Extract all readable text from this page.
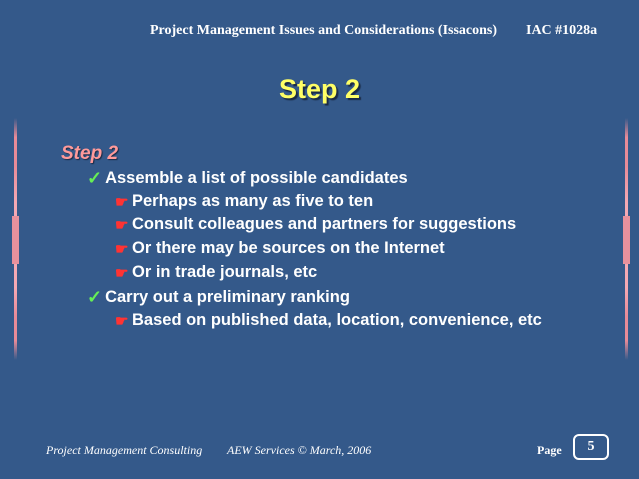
Project Management Issues and Considerations (Issacons) IAC #1028a
Step 2
Step 2
✓ Assemble a list of possible candidates
☛ Perhaps as many as five to ten
☛ Consult colleagues and partners for suggestions
☛ Or there may be sources on the Internet
☛ Or in trade journals, etc
✓ Carry out a preliminary ranking
☛ Based on published data, location, convenience, etc
Project Management Consulting AEW Services © March, 2006	Page	5
